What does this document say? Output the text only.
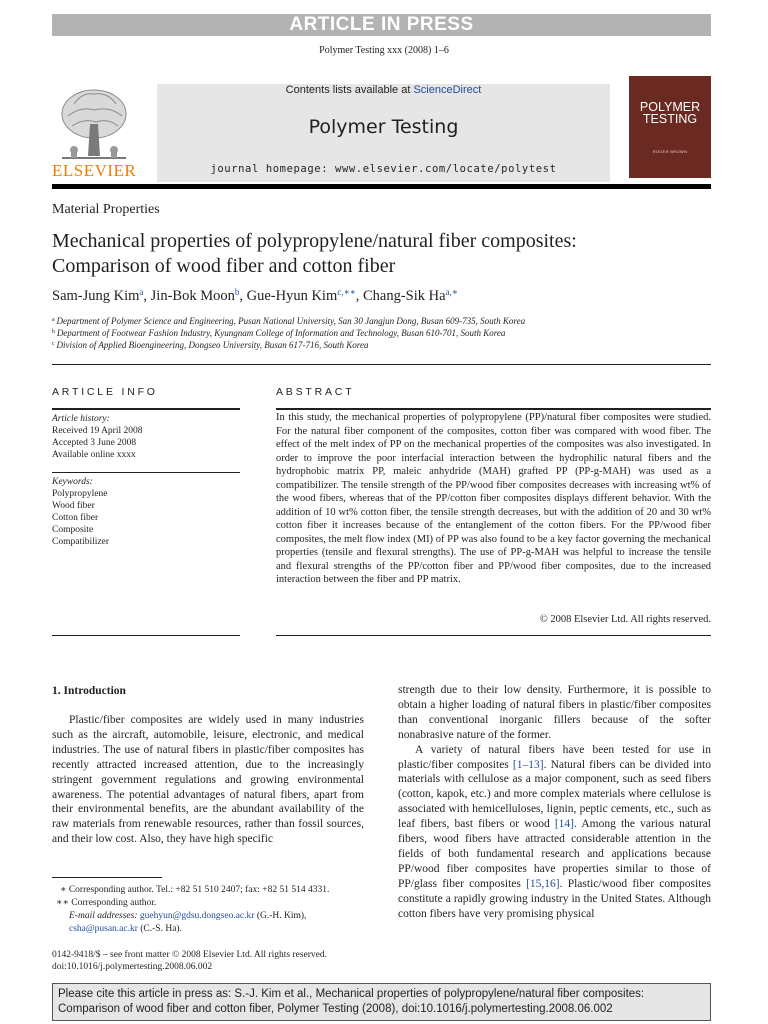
ARTICLE IN PRESS
Polymer Testing xxx (2008) 1–6
Contents lists available at ScienceDirect
Polymer Testing
journal homepage: www.elsevier.com/locate/polytest
ELSEVIER
POLYMER TESTING
ROGER BROWN
Material Properties
Mechanical properties of polypropylene/natural fiber composites:
Comparison of wood fiber and cotton fiber
Sam-Jung Kim$^a$, Jin-Bok Moon$^b$, Gue-Hyun Kim$^{c,∗∗}$, Chang-Sik $Ha^{a,∗}$
$^a$  Department of Polymer Science and Engineering, Pusan National University, San 30 Jangjun Dong, Busan 609-735, South Korea
$^b$  Department of Footwear Fashion Industry, Kyungnam College of Information and Technology, Busan 610-701, South Korea
$^c$  Division of Applied Bioengineering, Dongseo University, Busan 617-716, South Korea
ARTICLE INFO
Article history:
Received 19 April 2008
Accepted 3 June 2008
Available online xxxx
Keywords:
Polypropylene
Wood fiber
Cotton fiber
Composite
Compatibilizer
ABSTRACT
In this study, the mechanical properties of polypropylene (PP)/natural fiber composites were studied. For the natural fiber component of the composites, cotton fiber was compared with wood fiber. The effect of the melt index of PP on the mechanical properties of the composites was also investigated. In order to improve the poor interfacial interaction between the hydrophilic natural fibers and the hydrophobic matrix PP, maleic anhydride (MAH) grafted PP (PP-g-MAH) was used as a compatibilizer. The tensile strength of the PP/wood fiber composites decreases with increasing wt% of the wood fibers, whereas that of the PP/cotton fiber composites displays different behavior. With the addition of 10 wt% cotton fiber, the tensile strength decreases, but with the addition of 20 and 30 wt% cotton fiber it increases because of the entanglement of the cotton fibers. For the PP/wood fiber composites, the melt flow index (MI) of PP was also found to be a key factor governing the mechanical properties (tensile and flexural strengths). The use of PP-g-MAH was helpful to increase the tensile and flexural strengths of the PP/cotton fiber and PP/wood fiber composites, due to the increased interaction between the fiber and PP matrix.
© 2008 Elsevier Ltd. All rights reserved.
1. Introduction

Plastic/fiber composites are widely used in many industries such as the aircraft, automobile, leisure, electronic, and medical industries. The use of natural fibers in plastic/fiber composites has recently attracted increased attention, due to the increasingly stringent government regulations and growing environmental awareness. The potential advantages of natural fibers, apart from their environmental benefits, are the abundant availability of the raw materials from renewable resources, rather than fossil sources, and their low cost. Also, they have high specific

strength due to their low density. Furthermore, it is possible to obtain a higher loading of natural fibers in plastic/fiber composites than conventional inorganic fillers because of the softer nonabrasive nature of the former.

A variety of natural fibers have been tested for use in plastic/fiber composites [1–13]. Natural fibers can be divided into materials with cellulose as a major component, such as seed fibers (cotton, kapok, etc.) and more complex materials where cellulose is associated with hemicelluloses, lignin, peptic cements, etc., such as leaf fibers, bast fibers or wood [14]. Among the various natural fibers, wood fibers have attracted considerable attention in the fields of both fundamental research and applications because PP/wood fiber composites have properties similar to those of PP/glass fiber composites [15,16]. Plastic/wood fiber composites constitute a rapidly growing industry in the United States. Although cotton fibers have very promising physical

∗ Corresponding author. Tel.: +82 51 510 2407; fax: +82 51 514 4331.
∗∗ Corresponding author.
E-mail addresses: guehyun@gdsu.dongseo.ac.kr (G.-H. Kim), csha@pusan.ac.kr (C.-S. Ha).
0142-9418/$ – see front matter © 2008 Elsevier Ltd. All rights reserved.
doi:10.1016/j.polymertesting.2008.06.002
Please cite this article in press as: S.-J. Kim et al., Mechanical properties of polypropylene/natural fiber composites: Comparison of wood fiber and cotton fiber, Polymer Testing (2008), doi:10.1016/j.polymertesting.2008.06.002
